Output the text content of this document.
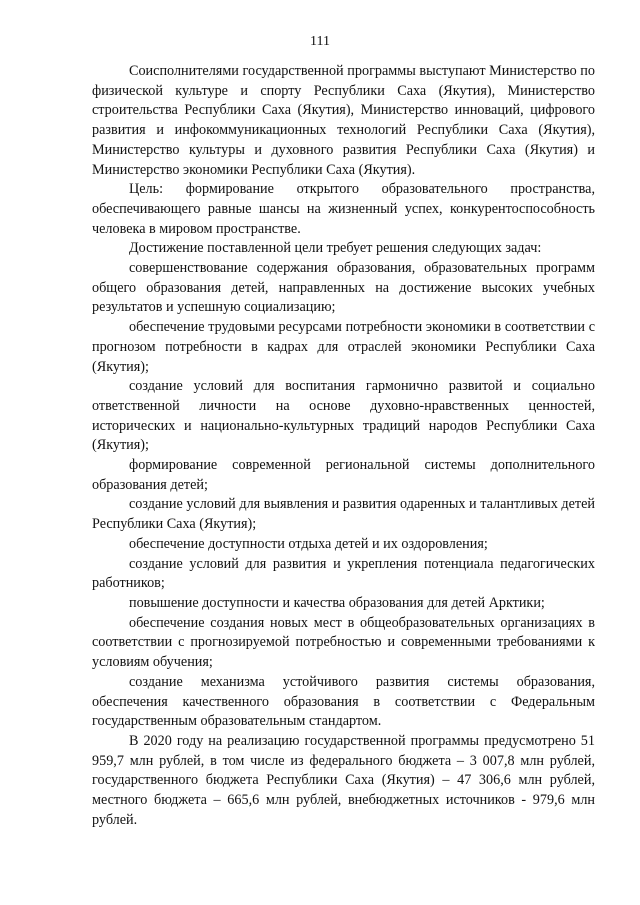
111

Соисполнителями государственной программы выступают Министерство по физической культуре и спорту Республики Саха (Якутия), Министерство строительства Республики Саха (Якутия), Министерство инноваций, цифрового развития и инфокоммуникационных технологий Республики Саха (Якутия), Министерство культуры и духовного развития Республики Саха (Якутия) и Министерство экономики Республики Саха (Якутия).

Цель: формирование открытого образовательного пространства, обеспечивающего равные шансы на жизненный успех, конкурентоспособность человека в мировом пространстве.

Достижение поставленной цели требует решения следующих задач:

совершенствование содержания образования, образовательных программ общего образования детей, направленных на достижение высоких учебных результатов и успешную социализацию;

обеспечение трудовыми ресурсами потребности экономики в соответствии с прогнозом потребности в кадрах для отраслей экономики Республики Саха (Якутия);

создание условий для воспитания гармонично развитой и социально ответственной личности на основе духовно-нравственных ценностей, исторических и национально-культурных традиций народов Республики Саха (Якутия);

формирование современной региональной системы дополнительного образования детей;

создание условий для выявления и развития одаренных и талантливых детей Республики Саха (Якутия);

обеспечение доступности отдыха детей и их оздоровления;

создание условий для развития и укрепления потенциала педагогических работников;

повышение доступности и качества образования для детей Арктики;

обеспечение создания новых мест в общеобразовательных организациях в соответствии с прогнозируемой потребностью и современными требованиями к условиям обучения;

создание механизма устойчивого развития системы образования, обеспечения качественного образования в соответствии с Федеральным государственным образовательным стандартом.

В 2020 году на реализацию государственной программы предусмотрено 51 959,7 млн рублей, в том числе из федерального бюджета – 3 007,8 млн рублей, государственного бюджета Республики Саха (Якутия) – 47 306,6 млн рублей, местного бюджета – 665,6 млн рублей, внебюджетных источников - 979,6 млн рублей.
